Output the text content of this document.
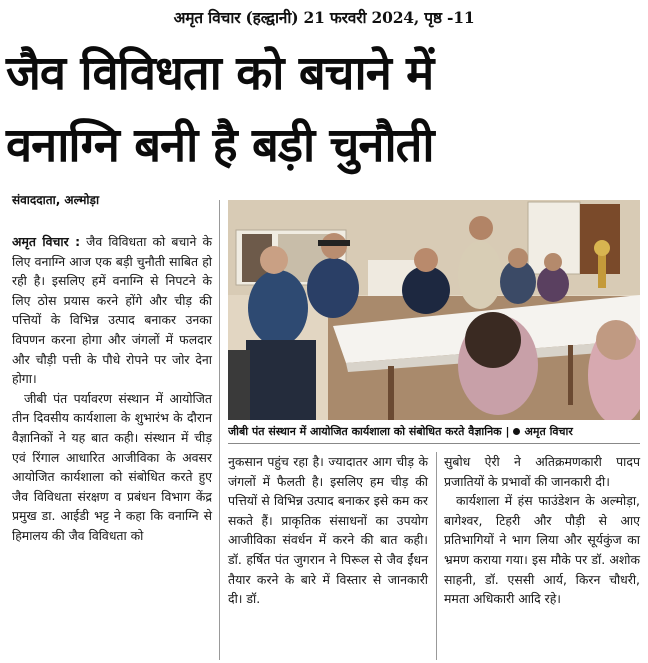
अमृत विचार (हल्द्वानी) 21 फरवरी 2024, पृष्ठ -11
जैव विविधता को बचाने में
वनाग्नि बनी है बड़ी चुनौती
संवाददाता, अल्मोड़ा

अमृत विचार : जैव विविधता को बचाने के लिए वनाग्नि आज एक बड़ी चुनौती साबित हो रही है। इसलिए हमें वनाग्नि से निपटने के लिए ठोस प्रयास करने होंगे और चीड़ की पत्तियों के विभिन्न उत्पाद बनाकर उनका विपणन करना होगा और जंगलों में फलदार और चौड़ी पत्ती के पौधे रोपने पर जोर देना होगा।

जीबी पंत पर्यावरण संस्थान में आयोजित तीन दिवसीय कार्यशाला के शुभारंभ के दौरान वैज्ञानिकों ने यह बात कही। संस्थान में चीड़ एवं रिंगाल आधारित आजीविका के अवसर आयोजित कार्यशाला को संबोधित करते हुए जैव विविधता संरक्षण व प्रबंधन विभाग केंद्र प्रमुख डा. आईडी भट्ट ने कहा कि वनाग्नि से हिमालय की जैव विविधता को

जीबी पंत संस्थान में आयोजित कार्यशाला को संबोधित करते वैज्ञानिक | अमृत विचार

नुकसान पहुंच रहा है। ज्यादातर आग चीड़ के जंगलों में फैलती है। इसलिए हम चीड़ की पत्तियों से विभिन्न उत्पाद बनाकर इसे कम कर सकते हैं। प्राकृतिक संसाधनों का उपयोग आजीविका संवर्धन में करने की बात कही। डॉ. हर्षित पंत जुगरान ने पिरूल से जैव ईंधन तैयार करने के बारे में विस्तार से जानकारी दी। डॉ.

सुबोध ऐरी ने अतिक्रमणकारी पादप प्रजातियों के प्रभावों की जानकारी दी।

कार्यशाला में हंस फाउंडेशन के अल्मोड़ा, बागेश्वर, टिहरी और पौड़ी से आए प्रतिभागियों ने भाग लिया और सूर्यकुंज का भ्रमण कराया गया। इस मौके पर डॉ. अशोक साहनी, डॉ. एससी आर्य, किरन चौधरी, ममता अधिकारी आदि रहे।
